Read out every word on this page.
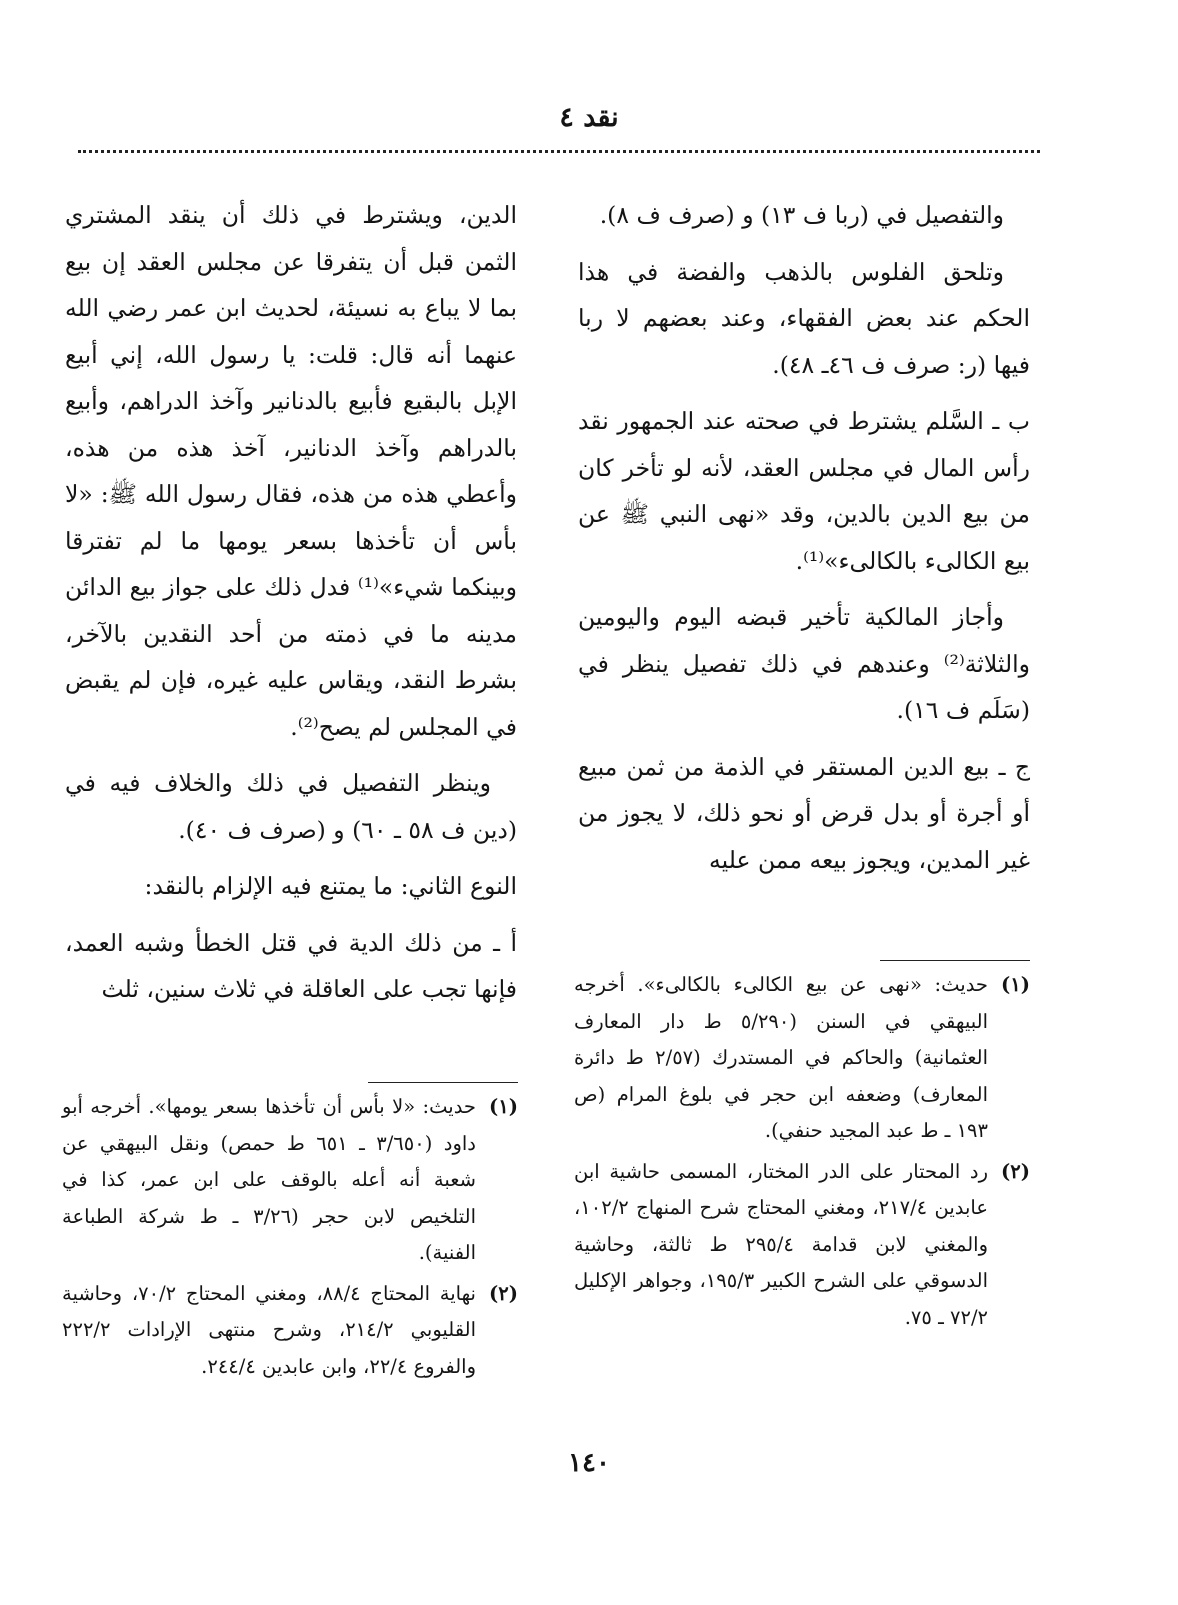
نقد ٤

والتفصيل في (ربا ف ١٣) و (صرف ف ٨).

وتلحق الفلوس بالذهب والفضة في هذا الحكم عند بعض الفقهاء، وعند بعضهم لا ربا فيها (ر: صرف ف ٤٦ـ ٤٨).

ب ـ السَّلم يشترط في صحته عند الجمهور نقد رأس المال في مجلس العقد، لأنه لو تأخر كان من بيع الدين بالدين، وقد «نهى النبي ﷺ عن بيع الكالىء بالكالىء»⁽¹⁾.

وأجاز المالكية تأخير قبضه اليوم واليومين والثلاثة⁽²⁾ وعندهم في ذلك تفصيل ينظر في (سَلَم ف ١٦).

ج ـ بيع الدين المستقر في الذمة من ثمن مبيع أو أجرة أو بدل قرض أو نحو ذلك، لا يجوز من غير المدين، ويجوز بيعه ممن عليه

الدين، ويشترط في ذلك أن ينقد المشتري الثمن قبل أن يتفرقا عن مجلس العقد إن بيع بما لا يباع به نسيئة، لحديث ابن عمر رضي الله عنهما أنه قال: قلت: يا رسول الله، إني أبيع الإبل بالبقيع فأبيع بالدنانير وآخذ الدراهم، وأبيع بالدراهم وآخذ الدنانير، آخذ هذه من هذه، وأعطي هذه من هذه، فقال رسول الله ﷺ: «لا بأس أن تأخذها بسعر يومها ما لم تفترقا وبينكما شيء»⁽¹⁾ فدل ذلك على جواز بيع الدائن مدينه ما في ذمته من أحد النقدين بالآخر، بشرط النقد، ويقاس عليه غيره، فإن لم يقبض في المجلس لم يصح⁽²⁾.

وينظر التفصيل في ذلك والخلاف فيه في (دين ف ٥٨ ـ ٦٠) و (صرف ف ٤٠).

النوع الثاني: ما يمتنع فيه الإلزام بالنقد:

أ ـ من ذلك الدية في قتل الخطأ وشبه العمد، فإنها تجب على العاقلة في ثلاث سنين، ثلث	(١)
حديث: «نهى عن بيع الكالىء بالكالىء». أخرجه البيهقي في السنن (٥/٢٩٠ ط دار المعارف العثمانية) والحاكم في المستدرك (٢/٥٧ ط دائرة المعارف) وضعفه ابن حجر في بلوغ المرام (ص ١٩٣ ـ ط عبد المجيد حنفي).
(٢)
رد المحتار على الدر المختار، المسمى حاشية ابن عابدين ٢١٧/٤، ومغني المحتاج شرح المنهاج ١٠٢/٢، والمغني لابن قدامة ٢٩٥/٤ ط ثالثة، وحاشية الدسوقي على الشرح الكبير ١٩٥/٣، وجواهر الإكليل ٧٢/٢ ـ ٧٥.
(١)
حديث: «لا بأس أن تأخذها بسعر يومها». أخرجه أبو داود (٣/٦٥٠ ـ ٦٥١ ط حمص) ونقل البيهقي عن شعبة أنه أعله بالوقف على ابن عمر، كذا في التلخيص لابن حجر (٣/٢٦ ـ ط شركة الطباعة الفنية).
(٢)
نهاية المحتاج ٨٨/٤، ومغني المحتاج ٧٠/٢، وحاشية القليوبي ٢١٤/٢، وشرح منتهى الإرادات ٢٢٢/٢ والفروع ٢٢/٤، وابن عابدين ٢٤٤/٤.
١٤٠
